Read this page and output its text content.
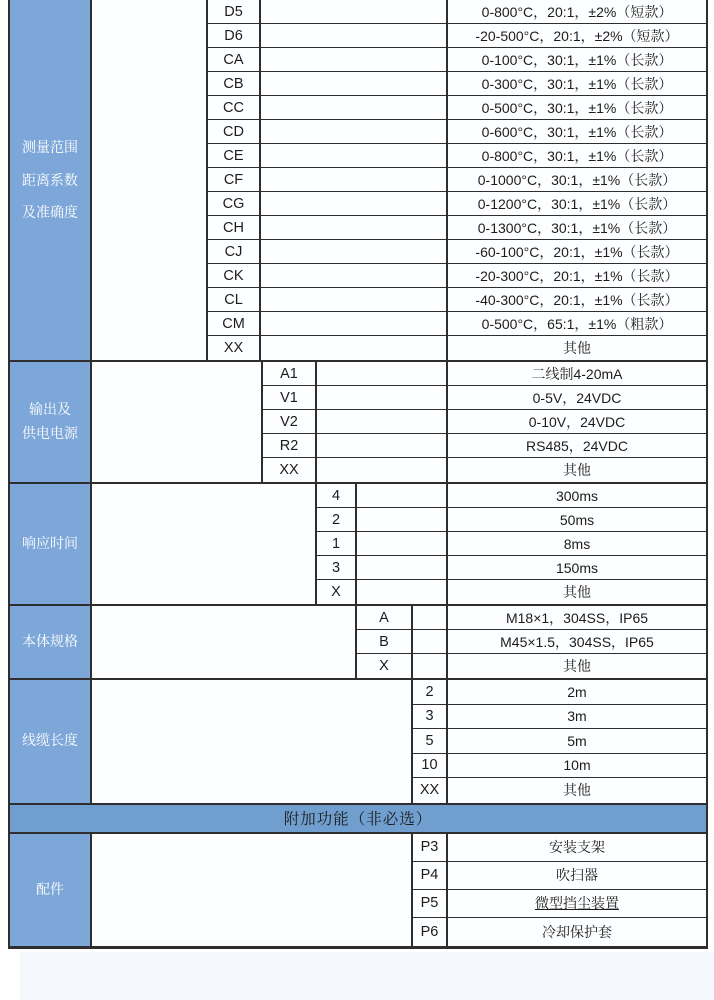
测量范围
距离系数
及准确度
D5	0-800°C，20:1，±2%（短款）
D6	-20-500°C，20:1，±2%（短款）
CA	0-100°C，30:1，±1%（长款）
CB	0-300°C，30:1，±1%（长款）
CC	0-500°C，30:1，±1%（长款）
CD	0-600°C，30:1，±1%（长款）
CE	0-800°C，30:1，±1%（长款）
CF	0-1000°C，30:1，±1%（长款）
CG	0-1200°C，30:1，±1%（长款）
CH	0-1300°C，30:1，±1%（长款）
CJ	-60-100°C，20:1，±1%（长款）
CK	-20-300°C，20:1，±1%（长款）
CL	-40-300°C，20:1，±1%（长款）
CM	0-500°C，65:1，±1%（粗款）
XX	其他
输出及
供电电源
A1	二线制4-20mA
V1	0-5V，24VDC
V2	0-10V，24VDC
R2	RS485，24VDC
XX	其他
响应时间
4	300ms
2	50ms
1	8ms
3	150ms
X	其他
本体规格
A	M18×1，304SS，IP65
B	M45×1.5，304SS，IP65
X	其他
线缆长度
2	2m
3	3m
5	5m
10	10m
XX	其他
附加功能（非必选）
配件
P3	安装支架
P4	吹扫器
P5	微型挡尘装置
P6	冷却保护套
